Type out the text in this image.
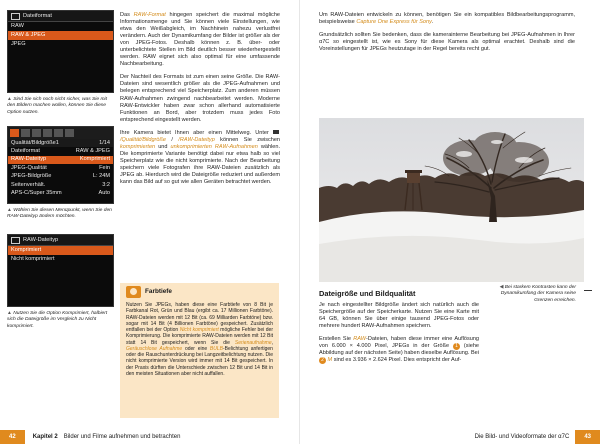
Dateiformat
RAW
RAW & JPEG
JPEG
▲ Sind Sie sich noch nicht sicher, was Sie mit den Bildern machen wollen, können Sie diese Option nutzen.
Qualität/Bildgröße1	1/14
Dateiformat	RAW & JPEG
RAW-Dateityp	Komprimiert
JPEG-Qualität	Fein
JPEG-Bildgröße	L: 24M
Seitenverhält.	3:2
APS-C/Super 35mm	Auto
▲ Wählen Sie diesen Menüpunkt, wenn Sie den RAW-Dateityp ändern möchten.
RAW-Dateityp
Komprimiert
Nicht komprimiert
▲ Nutzen Sie die Option Komprimiert, halbiert sich die Dateigröße im Vergleich zu Nicht komprimiert.

Das RAW-Format hingegen speichert die maximal mögliche Informationsmenge und Sie können viele Einstellungen, wie etwa den Weißabgleich, im Nachhinein nahezu verlustfrei verändern. Auch der Dynamikumfang der Bilder ist größer als der von JPEG-Fotos. Deshalb können z. B. über- oder unterbelichtete Stellen im Bild deutlich besser wiederhergestellt werden. RAW eignet sich also optimal für eine umfassende Nachbearbeitung.

Der Nachteil des Formats ist zum einen seine Größe. Die RAW-Dateien sind wesentlich größer als die JPEG-Aufnahmen und belegen entsprechend viel Speicherplatz. Zum anderen müssen RAW-Aufnahmen zwingend nachbearbeitet werden. Moderne RAW-Entwickler haben zwar schon allerhand automatisierte Funktionen an Bord, aber trotzdem muss jedes Foto entsprechend eingestellt werden.

Ihre Kamera bietet Ihnen aber einen Mittelweg. Unter /Qualität/Bildgröße / /RAW-Dateityp können Sie zwischen komprimierten und unkomprimierten RAW-Aufnahmen wählen. Die komprimierte Variante benötigt dabei nur etwa halb so viel Speicherplatz wie die nicht komprimierte. Nach der Bearbeitung speichern viele Fotografen ihre RAW-Dateien zusätzlich als JPEG ab. Hierdurch wird die Dateigröße reduziert und außerdem kann das Bild auf so gut wie allen Geräten betrachtet werden.

Farbtiefe
Nutzen Sie JPEGs, haben diese eine Farbtiefe von 8 Bit je Farbkanal Rot, Grün und Blau (ergibt ca. 17 Millionen Farbtöne). RAW-Dateien werden mit 12 Bit (ca. 69 Milliarden Farbtöne) bzw. sogar mit 14 Bit (4 Billionen Farbtöne) gespeichert. Zusätzlich entfallen bei der Option Nicht komprimiert mögliche Fehler bei der Komprimierung. Die komprimierte RAW-Dateien werden mit 12 Bit statt 14 Bit gespeichert, wenn Sie die Serienaufnahme, Geräuschlose Aufnahme oder eine BULB-Belichtung anfertigen oder die Rauschunterdrückung bei Langzeitbelichtung nutzen. Die nicht komprimierte Version wird immer mit 14 Bit gespeichert. In der Praxis dürften die Unterschiede zwischen 12 Bit und 14 Bit in den meisten Situationen aber nicht auffallen.
42	Kapitel 2 Bilder und Filme aufnehmen und betrachten

Um RAW-Dateien entwickeln zu können, benötigen Sie ein kompatibles Bildbearbeitungsprogramm, beispielsweise Capture One Express für Sony.

Grundsätzlich sollten Sie bedenken, dass die kamerainterne Bearbeitung bei JPEG-Aufnahmen in Ihrer α7C so eingestellt ist, wie es Sony für diese Kamera als optimal erachtet. Deshalb sind die Voreinstellungen für JPEGs heutzutage in der Regel bereits recht gut.

◀ Bei starkem Kontrasten kann der Dynamikumfang der Kamera seine Grenzen erreichen.
Dateigröße und Bildqualität

Je nach eingestellter Bildgröße ändert sich natürlich auch die Speichergröße auf der Speicherkarte. Nutzen Sie eine Karte mit 64 GB, können Sie über einige tausend JPEG-Fotos oder mehrere hundert RAW-Aufnahmen speichern.

Erstellen Sie RAW-Dateien, haben diese immer eine Auflösung von 6.000 × 4.000 Pixel, JPEGs in der Größe 1 (siehe Abbildung auf der nächsten Seite) haben dieselbe Auflösung. Bei 2 M sind es 3.936 × 2.624 Pixel. Dies entspricht der Auf-

Die Bild- und Videoformate der α7C	43
